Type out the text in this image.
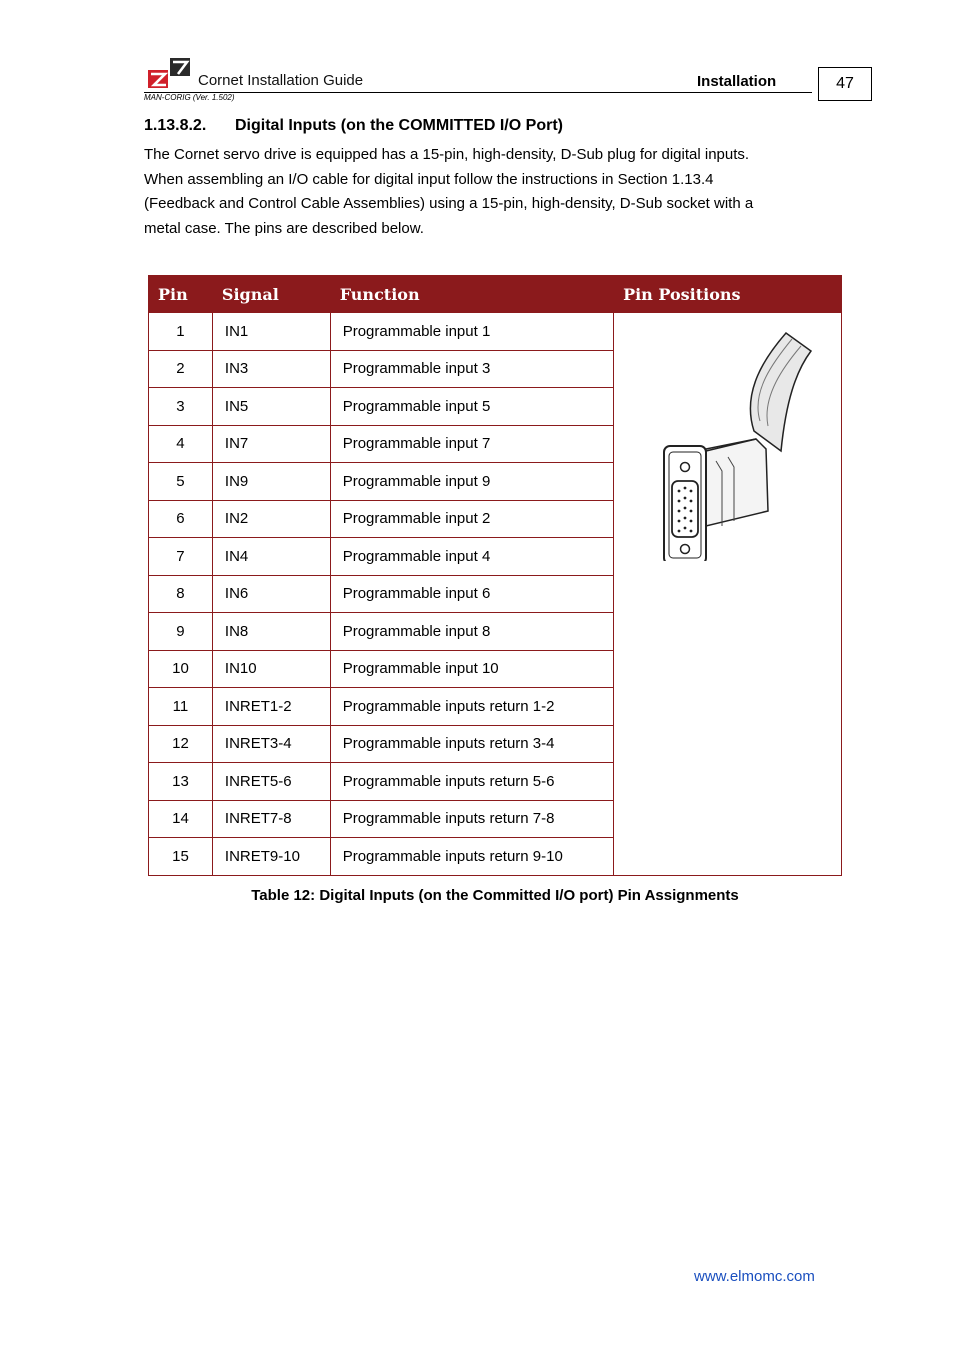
Cornet Installation Guide	Installation
MAN-CORIG (Ver. 1.502)
47
1.13.8.2. Digital Inputs (on the COMMITTED I/O Port)

The Cornet servo drive is equipped has a 15-pin, high-density, D-Sub plug for digital inputs.

When assembling an I/O cable for digital input follow the instructions in Section 1.13.4

(Feedback and Control Cable Assemblies) using a 15-pin, high-density, D-Sub socket with a

metal case. The pins are described below.

Pin	Signal	Function	Pin Positions
1	IN1	Programmable input 1	

2	IN3	Programmable input 3	
3	IN5	Programmable input 5	
4	IN7	Programmable input 7	
5	IN9	Programmable input 9	
6	IN2	Programmable input 2	
7	IN4	Programmable input 4	
8	IN6	Programmable input 6	
9	IN8	Programmable input 8	
10	IN10	Programmable input 10	
11	INRET1-2	Programmable inputs return 1-2	
12	INRET3-4	Programmable inputs return 3-4	
13	INRET5-6	Programmable inputs return 5-6	
14	INRET7-8	Programmable inputs return 7-8	
15	INRET9-10	Programmable inputs return 9-10	
Table 12: Digital Inputs (on the Committed I/O port) Pin Assignments
www.elmomc.com
